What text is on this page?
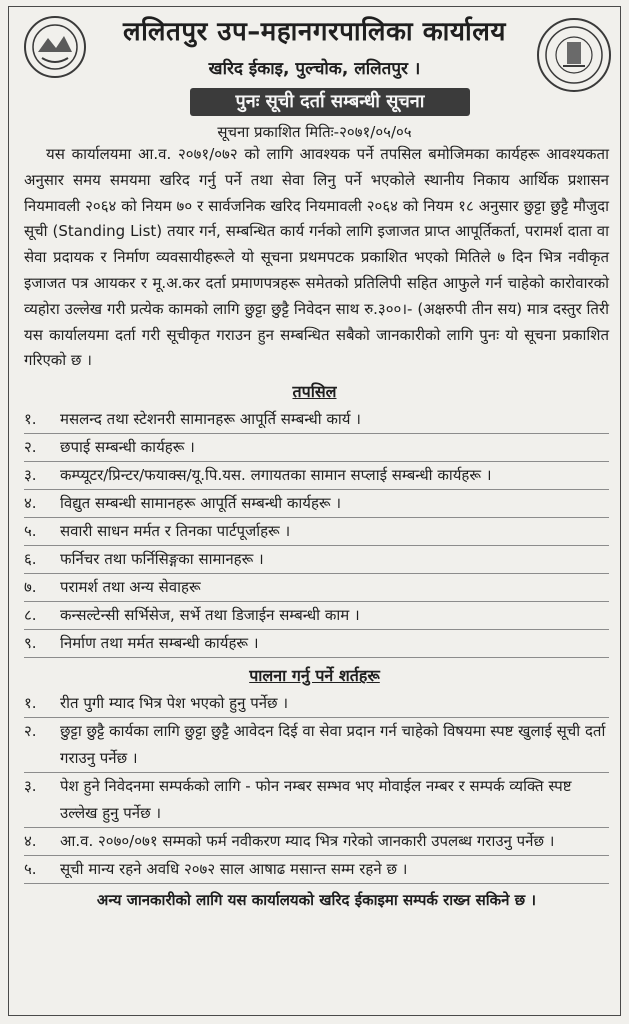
ललितपुर उप–महानगरपालिका कार्यालय
खरिद ईकाइ, पुल्चोक, ललितपुर ।
पुनः सूची दर्ता सम्बन्धी सूचना
सूचना प्रकाशित मितिः-२०७१/०५/०५
यस कार्यालयमा आ.व. २०७१/०७२ को लागि आवश्यक पर्ने तपसिल बमोजिमका कार्यहरू आवश्यकता अनुसार समय समयमा खरिद गर्नु पर्ने तथा सेवा लिनु पर्ने भएकोले स्थानीय निकाय आर्थिक प्रशासन नियमावली २०६४ को नियम ७० र सार्वजनिक खरिद नियमावली २०६४ को नियम १८ अनुसार छुट्टा छुट्टै मौजुदा सूची (Standing List) तयार गर्न, सम्बन्धित कार्य गर्नको लागि इजाजत प्राप्त आपूर्तिकर्ता, परामर्श दाता वा सेवा प्रदायक र निर्माण व्यवसायीहरूले यो सूचना प्रथमपटक प्रकाशित भएको मितिले ७ दिन भित्र नवीकृत इजाजत पत्र आयकर र मू.अ.कर दर्ता प्रमाणपत्रहरू समेतको प्रतिलिपी सहित आफुले गर्न चाहेको कारोवारको व्यहोरा उल्लेख गरी प्रत्येक कामको लागि छुट्टा छुट्टै निवेदन साथ रु.३००।- (अक्षरुपी तीन सय) मात्र दस्तुर तिरी यस कार्यालयमा दर्ता गरी सूचीकृत गराउन हुन सम्बन्धित सबैको जानकारीको लागि पुनः यो सूचना प्रकाशित गरिएको छ ।
तपसिल
१.	मसलन्द तथा स्टेशनरी सामानहरू आपूर्ति सम्बन्धी कार्य ।
२.	छपाई सम्बन्धी कार्यहरू ।
३.	कम्प्यूटर/प्रिन्टर/फयाक्स/यू.पि.यस. लगायतका सामान सप्लाई सम्बन्धी कार्यहरू ।
४.	विद्युत सम्बन्धी सामानहरू आपूर्ति सम्बन्धी कार्यहरू ।
५.	सवारी साधन मर्मत र तिनका पार्टपूर्जाहरू ।
६.	फर्निचर तथा फर्निसिङ्गका सामानहरू ।
७.	परामर्श तथा अन्य सेवाहरू
८.	कन्सल्टेन्सी सर्भिसेज, सर्भे तथा डिजाईन सम्बन्धी काम ।
९.	निर्माण तथा मर्मत सम्बन्धी कार्यहरू ।
पालना गर्नु पर्ने शर्तहरू
१.	रीत पुगी म्याद भित्र पेश भएको हुनु पर्नेछ ।
२.	छुट्टा छुट्टै कार्यका लागि छुट्टा छुट्टै आवेदन दिई वा सेवा प्रदान गर्न चाहेको विषयमा स्पष्ट खुलाई सूची दर्ता गराउनु पर्नेछ ।
३.	पेश हुने निवेदनमा सम्पर्कको लागि - फोन नम्बर सम्भव भए मोवाईल नम्बर र सम्पर्क व्यक्ति स्पष्ट उल्लेख हुनु पर्नेछ ।
४.	आ.व. २०७०/०७१ सम्मको फर्म नवीकरण म्याद भित्र गरेको जानकारी उपलब्ध गराउनु पर्नेछ ।
५.	सूची मान्य रहने अवधि २०७२ साल आषाढ मसान्त सम्म रहने छ ।
अन्य जानकारीको लागि यस कार्यालयको खरिद ईकाइमा सम्पर्क राख्न सकिने छ ।
